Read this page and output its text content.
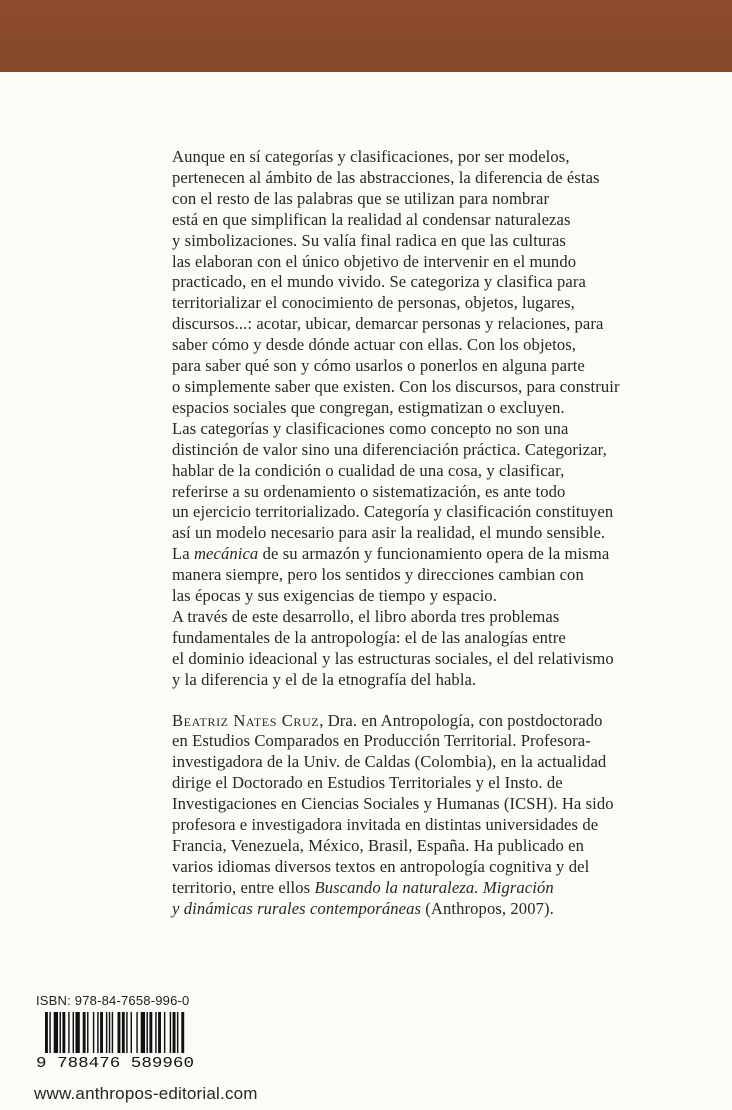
Aunque en sí categorías y clasificaciones, por ser modelos,
pertenecen al ámbito de las abstracciones, la diferencia de éstas
con el resto de las palabras que se utilizan para nombrar
está en que simplifican la realidad al condensar naturalezas
y simbolizaciones. Su valía final radica en que las culturas
las elaboran con el único objetivo de intervenir en el mundo
practicado, en el mundo vivido. Se categoriza y clasifica para
territorializar el conocimiento de personas, objetos, lugares,
discursos...: acotar, ubicar, demarcar personas y relaciones, para
saber cómo y desde dónde actuar con ellas. Con los objetos,
para saber qué son y cómo usarlos o ponerlos en alguna parte
o simplemente saber que existen. Con los discursos, para construir
espacios sociales que congregan, estigmatizan o excluyen.
Las categorías y clasificaciones como concepto no son una
distinción de valor sino una diferenciación práctica. Categorizar,
hablar de la condición o cualidad de una cosa, y clasificar,
referirse a su ordenamiento o sistematización, es ante todo
un ejercicio territorializado. Categoría y clasificación constituyen
así un modelo necesario para asir la realidad, el mundo sensible.
La mecánica de su armazón y funcionamiento opera de la misma
manera siempre, pero los sentidos y direcciones cambian con
las épocas y sus exigencias de tiempo y espacio.
A través de este desarrollo, el libro aborda tres problemas
fundamentales de la antropología: el de las analogías entre
el dominio ideacional y las estructuras sociales, el del relativismo
y la diferencia y el de la etnografía del habla.

Beatriz Nates Cruz, Dra. en Antropología, con postdoctorado
en Estudios Comparados en Producción Territorial. Profesora-
investigadora de la Univ. de Caldas (Colombia), en la actualidad
dirige el Doctorado en Estudios Territoriales y el Insto. de
Investigaciones en Ciencias Sociales y Humanas (ICSH). Ha sido
profesora e investigadora invitada en distintas universidades de
Francia, Venezuela, México, Brasil, España. Ha publicado en
varios idiomas diversos textos en antropología cognitiva y del
territorio, entre ellos Buscando la naturaleza. Migración
y dinámicas rurales contemporáneas (Anthropos, 2007).

ISBN: 978-84-7658-996-0
9 788476 589960
www.anthropos-editorial.com
